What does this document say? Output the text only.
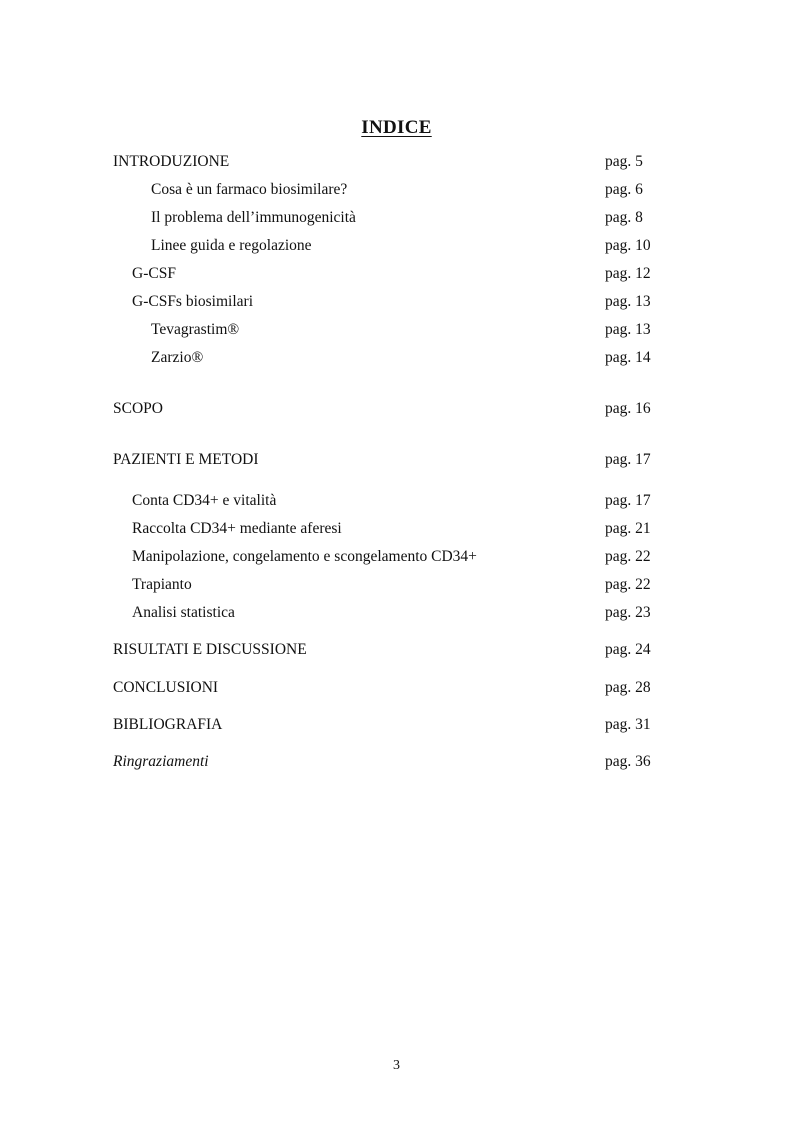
INDICE
INTRODUZIONE	pag. 5
Cosa è un farmaco biosimilare?	pag. 6
Il problema dell’immunogenicità	pag. 8
Linee guida e regolazione	pag. 10
G-CSF	pag. 12
G-CSFs biosimilari	pag. 13
Tevagrastim®	pag. 13
Zarzio®	pag. 14
SCOPO	pag. 16
PAZIENTI E METODI	pag. 17
Conta CD34+ e vitalità	pag. 17
Raccolta CD34+ mediante aferesi	pag. 21
Manipolazione, congelamento e scongelamento CD34+	pag. 22
Trapianto	pag. 22
Analisi statistica	pag. 23
RISULTATI E DISCUSSIONE	pag. 24
CONCLUSIONI	pag. 28
BIBLIOGRAFIA	pag. 31
Ringraziamenti	pag. 36
3
